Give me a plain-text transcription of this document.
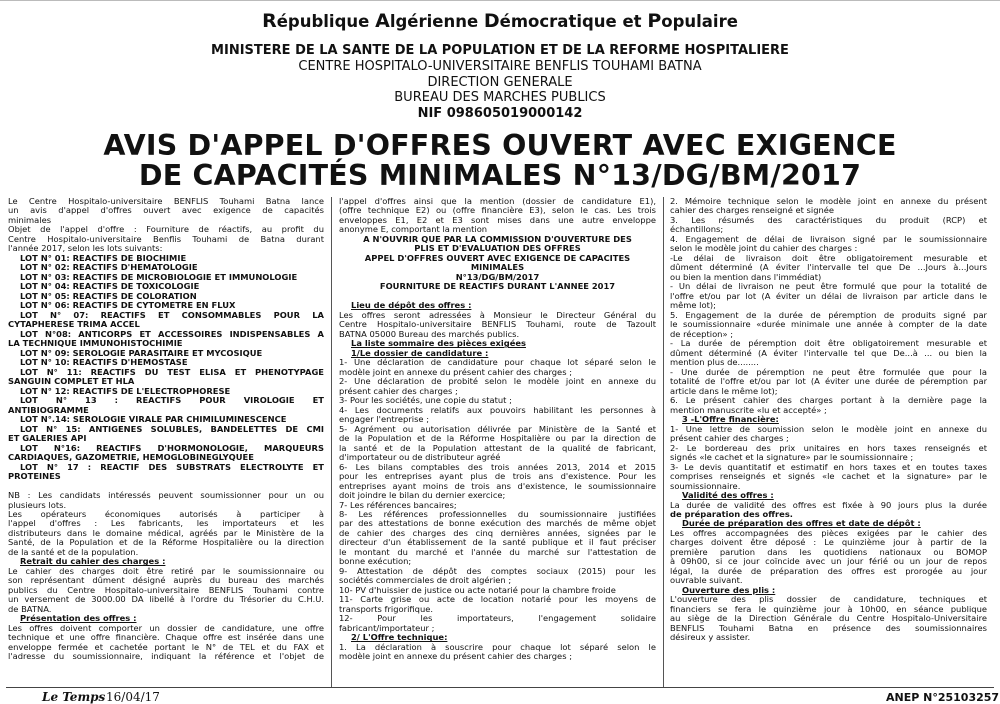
République Algérienne Démocratique et Populaire
MINISTERE DE LA SANTE DE LA POPULATION ET DE LA REFORME HOSPITALIERE
CENTRE HOSPITALO-UNIVERSITAIRE BENFLIS TOUHAMI BATNA
DIRECTION GENERALE
BUREAU DES MARCHES PUBLICS
NIF 098605019000142
AVIS D'APPEL D'OFFRES OUVERT AVEC EXIGENCE
DE CAPACITÉS MINIMALES N°13/DG/BM/2017
Le Centre Hospitalo-universitaire BENFLIS Touhami Batna lance
un avis d'appel d'offres ouvert avec exigence de capacités
minimales
Objet de l'appel d'offre : Fourniture de réactifs, au profit du
Centre Hospitalo-universitaire Benflis Touhami de Batna durant
l'année 2017, selon les lots suivants:
LOT N° 01: REACTIFS DE BIOCHIMIE
LOT N° 02: REACTIFS D'HEMATOLOGIE
LOT N° 03: REACTIFS DE MICROBIOLOGIE ET IMMUNOLOGIE
LOT N° 04: REACTIFS DE TOXICOLOGIE
LOT N° 05: REACTIFS DE COLORATION
LOT N° 06: REACTIFS DE CYTOMETRE EN FLUX
LOT N° 07: REACTIFS ET CONSOMMABLES POUR LA
CYTAPHERESE TRIMA ACCEL
LOT N°08: ANTICORPS ET ACCESSOIRES INDISPENSABLES A
LA TECHNIQUE IMMUNOHISTOCHIMIE
LOT N° 09: SEROLOGIE PARASITAIRE ET MYCOSIQUE
LOT N° 10: REACTIFS D'HEMOSTASE
LOT N° 11: REACTIFS DU TEST ELISA ET PHENOTYPAGE
SANGUIN COMPLET ET HLA
LOT N° 12: REACTIFS DE L'ELECTROPHORESE
LOT N° 13 : REACTIFS POUR VIROLOGIE ET
ANTIBIOGRAMME
LOT N°.14: SEROLOGIE VIRALE PAR CHIMILUMINESCENCE
LOT N° 15: ANTIGENES SOLUBLES, BANDELETTES DE CMI
ET GALERIES API
LOT N°16: REACTIFS D'HORMONOLOGIE, MARQUEURS
CARDIAQUES, GAZOMETRIE, HEMOGLOBINEGLYQUEE
LOT N° 17 : REACTIF DES SUBSTRATS ELECTROLYTE ET
PROTEINES

NB : Les candidats intéressés peuvent soumissionner pour un ou
plusieurs lots.
Les opérateurs économiques autorisés à participer à
l'appel d'offres : Les fabricants, les importateurs et les
distributeurs dans le domaine médical, agréés par le Ministère de la
Santé, de la Population et de la Réforme Hospitalière ou la direction
de la santé et de la population.
Retrait du cahier des charges :
Le cahier des charges doit être retiré par le soumissionnaire ou
son représentant dûment désigné auprès du bureau des marchés
publics du Centre Hospitalo-universitaire BENFLIS Touhami contre
un versement de 3000.00 DA libellé à l'ordre du Trésorier du C.H.U.
de BATNA.
Présentation des offres :
Les offres doivent comporter un dossier de candidature, une offre
technique et une offre financière. Chaque offre est insérée dans une
enveloppe fermée et cachetée portant le N° de TEL et du FAX et
l'adresse du soumissionnaire, indiquant la référence et l'objet de
l'appel d'offres ainsi que la mention (dossier de candidature E1),
(offre technique E2) ou (offre financière E3), selon le cas. Les trois
enveloppes E1, E2 et E3 sont mises dans une autre enveloppe
anonyme E, comportant la mention
A N'OUVRIR QUE PAR LA COMMISSION D'OUVERTURE DES
PLIS ET D'EVALUATION DES OFFRES
APPEL D'OFFRES OUVERT AVEC EXIGENCE DE CAPACITES
MINIMALES
N°13/DG/BM/2017
FOURNITURE DE REACTIFS DURANT L'ANNEE 2017

Lieu de dépôt des offres :
Les offres seront adressées à Monsieur le Directeur Général du
Centre Hospitalo-universitaire BENFLIS Touhami, route de Tazoult
BATNA 05000 Bureau des marchés publics.
La liste sommaire des pièces exigées
1/Le dossier de candidature :
1- Une déclaration de candidature pour chaque lot séparé selon le
modèle joint en annexe du présent cahier des charges ;
2- Une déclaration de probité selon le modèle joint en annexe du
présent cahier des charges ;
3- Pour les sociétés, une copie du statut ;
4- Les documents relatifs aux pouvoirs habilitant les personnes à
engager l'entreprise ;
5- Agrément ou autorisation délivrée par Ministère de la Santé et
de la Population et de la Réforme Hospitalière ou par la direction de
la santé et de la Population attestant de la qualité de fabricant,
d'importateur ou de distributeur agréé
6- Les bilans comptables des trois années 2013, 2014 et 2015
pour les entreprises ayant plus de trois ans d'existence. Pour les
entreprises ayant moins de trois ans d'existence, le soumissionnaire
doit joindre le bilan du dernier exercice;
7- Les références bancaires;
8- Les références professionnelles du soumissionnaire justifiées
par des attestations de bonne exécution des marchés de même objet
de cahier des charges des cinq dernières années, signées par le
directeur d'un établissement de la santé publique et il faut préciser
le montant du marché et l'année du marché sur l'attestation de
bonne exécution;
9- Attestation de dépôt des comptes sociaux (2015) pour les
sociétés commerciales de droit algérien ;
10- PV d'huissier de justice ou acte notarié pour la chambre froide
11- Carte grise ou acte de location notarié pour les moyens de
transports frigorifique.
12- Pour les importateurs, l'engagement solidaire
fabricant/importateur ;
2/ L'Offre technique:
1. La déclaration à souscrire pour chaque lot séparé selon le
modèle joint en annexe du présent cahier des charges ;
2. Mémoire technique selon le modèle joint en annexe du présent
cahier des charges renseigné et signée
3. Les résumés des caractéristiques du produit (RCP) et
échantillons;
4. Engagement de délai de livraison signé par le soumissionnaire
selon le modèle joint du cahier des charges :
-Le délai de livraison doit être obligatoirement mesurable et
dûment déterminé (A éviter l'intervalle tel que De ...Jours à...Jours
ou bien la mention dans l'immédiat)
- Un délai de livraison ne peut être formulé que pour la totalité de
l'offre et/ou par lot (A éviter un délai de livraison par article dans le
même lot);
5. Engagement de la durée de péremption de produits signé par
le soumissionnaire «durée minimale une année à compter de la date
de réception» ;
- La durée de péremption doit être obligatoirement mesurable et
dûment déterminé (A éviter l'intervalle tel que De...à ... ou bien la
mention plus de........
- Une durée de péremption ne peut être formulée que pour la
totalité de l'offre et/ou par lot (A éviter une durée de péremption par
article dans le même lot);
6. Le présent cahier des charges portant à la dernière page la
mention manuscrite «lu et accepté» ;
3 -L'Offre financière:
1- Une lettre de soumission selon le modèle joint en annexe du
présent cahier des charges ;
2- Le bordereau des prix unitaires en hors taxes renseignés et
signés «le cachet et la signature» par le soumissionnaire ;
3- Le devis quantitatif et estimatif en hors taxes et en toutes taxes
comprises renseignés et signés «le cachet et la signature» par le
soumissionnaire.
Validité des offres :
La durée de validité des offres est fixée à 90 jours plus la durée
de préparation des offres.
Durée de préparation des offres et date de dépôt :
Les offres accompagnées des pièces exigées par le cahier des
charges doivent être déposé : Le quinzième jour à partir de la
première parution dans les quotidiens nationaux ou BOMOP
à 09h00, si ce jour coïncide avec un jour férié ou un jour de repos
légal, la durée de préparation des offres est prorogée au jour
ouvrable suivant.
Ouverture des plis :
L'ouverture des plis dossier de candidature, techniques et
financiers se fera le quinzième jour à 10h00, en séance publique
au siège de la Direction Générale du Centre Hospitalo-Universitaire
BENFLIS Touhami Batna en présence des soumissionnaires
désireux y assister.
Le Temps 16/04/17	ANEP N°25103257
